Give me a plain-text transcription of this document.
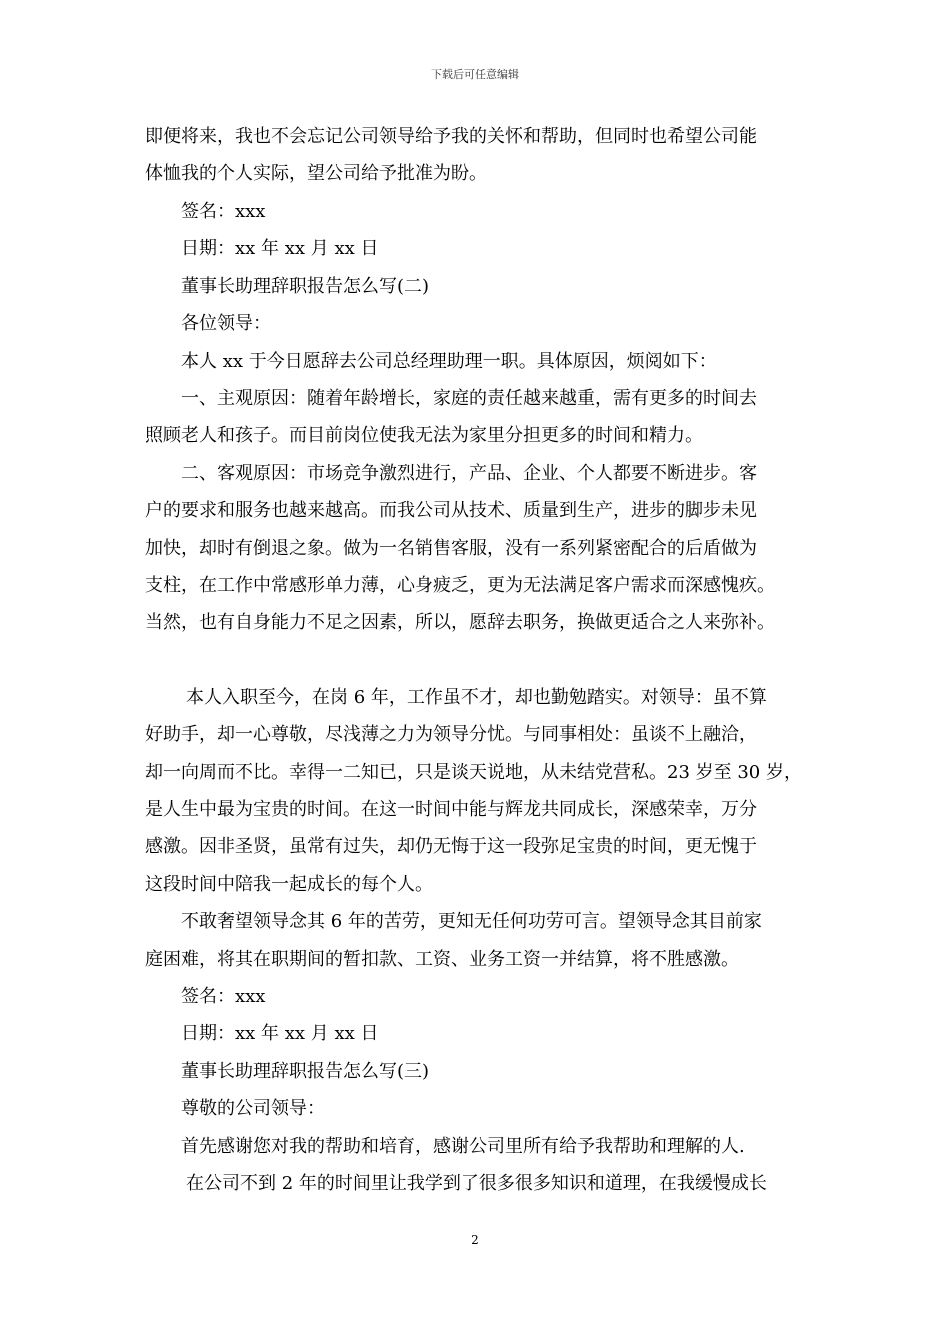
下载后可任意编辑
即便将来，我也不会忘记公司领导给予我的关怀和帮助，但同时也希望公司能
体恤我的个人实际，望公司给予批准为盼。
签名：xxx
日期：xx 年 xx 月 xx 日
董事长助理辞职报告怎么写(二)
各位领导：
本人 xx 于今日愿辞去公司总经理助理一职。具体原因，烦阅如下：
一、主观原因：随着年龄增长，家庭的责任越来越重，需有更多的时间去
照顾老人和孩子。而目前岗位使我无法为家里分担更多的时间和精力。
二、客观原因：市场竞争激烈进行，产品、企业、个人都要不断进步。客
户的要求和服务也越来越高。而我公司从技术、质量到生产，进步的脚步未见
加快，却时有倒退之象。做为一名销售客服，没有一系列紧密配合的后盾做为
支柱，在工作中常感形单力薄，心身疲乏，更为无法满足客户需求而深感愧疚。
当然，也有自身能力不足之因素，所以，愿辞去职务，换做更适合之人来弥补。
本人入职至今，在岗 6 年，工作虽不才，却也勤勉踏实。对领导：虽不算
好助手，却一心尊敬，尽浅薄之力为领导分忧。与同事相处：虽谈不上融洽，
却一向周而不比。幸得一二知已，只是谈天说地，从未结党营私。23 岁至 30 岁，
是人生中最为宝贵的时间。在这一时间中能与辉龙共同成长，深感荣幸，万分
感激。因非圣贤，虽常有过失，却仍无悔于这一段弥足宝贵的时间，更无愧于
这段时间中陪我一起成长的每个人。
不敢奢望领导念其 6 年的苦劳，更知无任何功劳可言。望领导念其目前家
庭困难，将其在职期间的暂扣款、工资、业务工资一并结算，将不胜感激。
签名：xxx
日期：xx 年 xx 月 xx 日
董事长助理辞职报告怎么写(三)
尊敬的公司领导：
首先感谢您对我的帮助和培育，感谢公司里所有给予我帮助和理解的人.
在公司不到 2 年的时间里让我学到了很多很多知识和道理，在我缓慢成长
2
